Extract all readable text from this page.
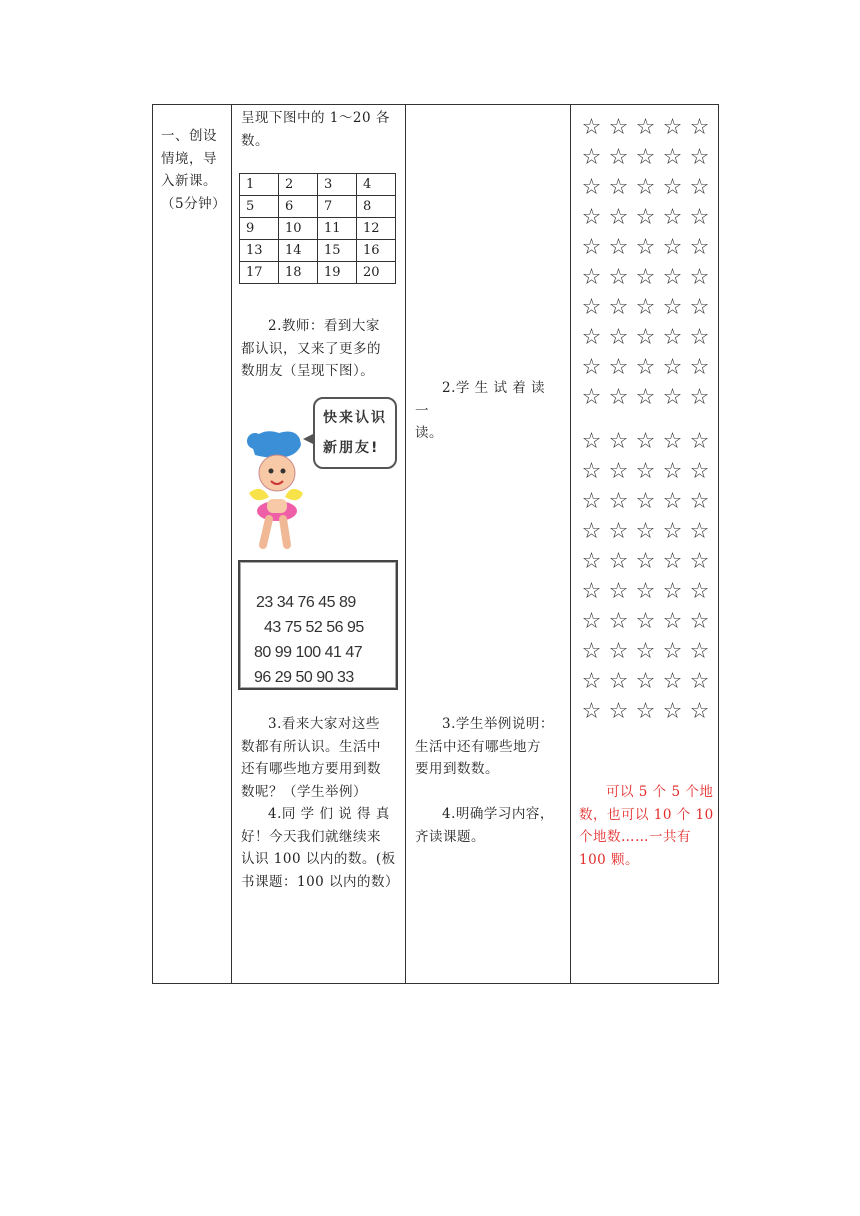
一、创设
情境，导
入新课。
（5分钟）
呈现下图中的 1～20 各
数。
1	2	3	4
5	6	7	8
9	10	11	12
13	14	15	16
17	18	19	20
2.教师：看到大家
都认识，又来了更多的
数朋友（呈现下图）。
快来认识
新朋友!
23 34 76 45 89
43 75 52 56 95
80 99 100 41 47
96 29 50 90 33
3.看来大家对这些
数都有所认识。生活中
还有哪些地方要用到数
数呢？（学生举例）
4.同 学 们 说 得 真
好！今天我们就继续来
认识 100 以内的数。(板
书课题：100 以内的数）
2.学 生 试 着 读 一
读。
3.学生举例说明：
生活中还有哪些地方
要用到数数。
4.明确学习内容，
齐读课题。
☆ ☆ ☆ ☆ ☆
☆ ☆ ☆ ☆ ☆
☆ ☆ ☆ ☆ ☆
☆ ☆ ☆ ☆ ☆
☆ ☆ ☆ ☆ ☆
☆ ☆ ☆ ☆ ☆
☆ ☆ ☆ ☆ ☆
☆ ☆ ☆ ☆ ☆
☆ ☆ ☆ ☆ ☆
☆ ☆ ☆ ☆ ☆
☆ ☆ ☆ ☆ ☆
☆ ☆ ☆ ☆ ☆
☆ ☆ ☆ ☆ ☆
☆ ☆ ☆ ☆ ☆
☆ ☆ ☆ ☆ ☆
☆ ☆ ☆ ☆ ☆
☆ ☆ ☆ ☆ ☆
☆ ☆ ☆ ☆ ☆
☆ ☆ ☆ ☆ ☆
☆ ☆ ☆ ☆ ☆
可以 5 个 5 个地
数，也可以 10 个 10
个地数……一共有
100 颗。
